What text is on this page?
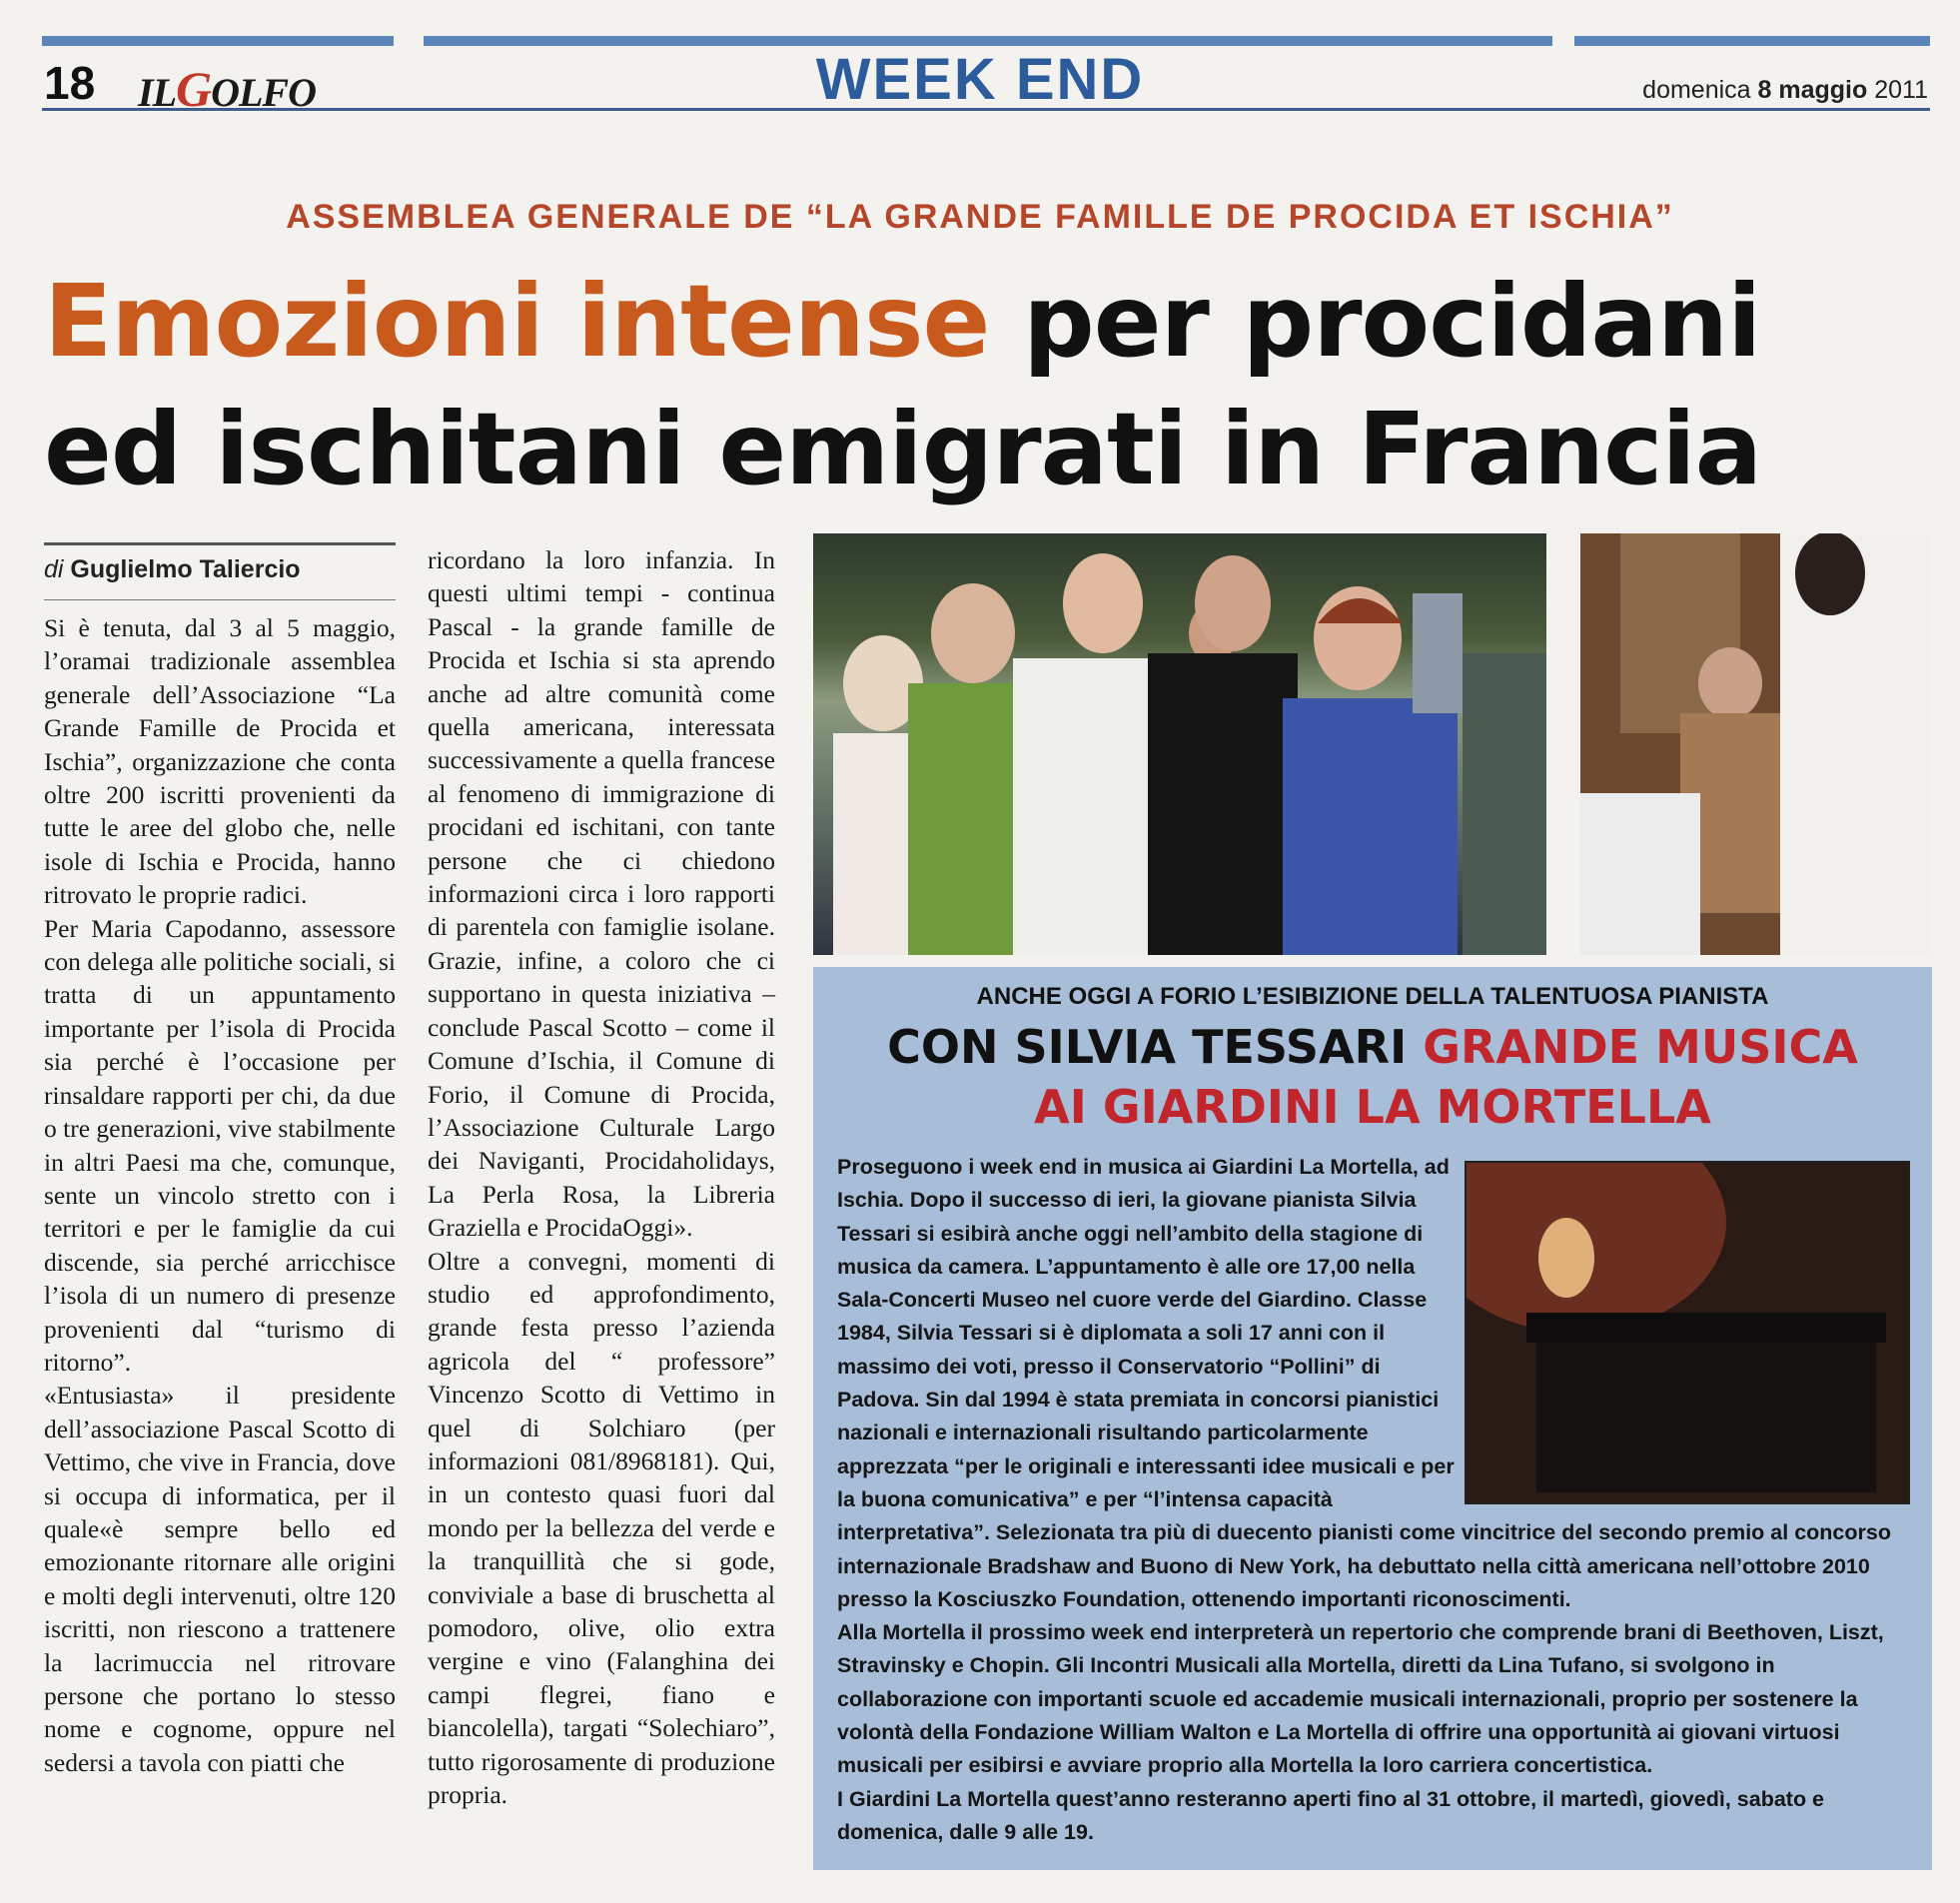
18 ILGOLFO	WEEK END	domenica 8 maggio 2011
ASSEMBLEA GENERALE DE “LA GRANDE FAMILLE DE PROCIDA ET ISCHIA”
Emozioni intense per procidani
ed ischitani emigrati in Francia
di Guglielmo Taliercio

Si è tenuta, dal 3 al 5 maggio, l’oramai tradizionale assemblea generale dell’Associazione “La Grande Famille de Procida et Ischia”, organizzazione che conta oltre 200 iscritti provenienti da tutte le aree del globo che, nelle isole di Ischia e Procida, hanno ritrovato le proprie radici.

Per Maria Capodanno, assessore con delega alle politiche sociali, si tratta di un appuntamento importante per l’isola di Procida sia perché è l’occasione per rinsaldare rapporti per chi, da due o tre generazioni, vive stabilmente in altri Paesi ma che, comunque, sente un vincolo stretto con i territori e per le famiglie da cui discende, sia perché arricchisce l’isola di un numero di presenze provenienti dal “turismo di ritorno”.

«Entusiasta» il presidente dell’associazione Pascal Scotto di Vettimo, che vive in Francia, dove si occupa di informatica, per il quale«è sempre bello ed emozionante ritornare alle origini e molti degli intervenuti, oltre 120 iscritti, non riescono a trattenere la lacrimuccia nel ritrovare persone che portano lo stesso nome e cognome, oppure nel sedersi a tavola con piatti che

ricordano la loro infanzia. In questi ultimi tempi - continua Pascal - la grande famille de Procida et Ischia si sta aprendo anche ad altre comunità come quella americana, interessata successivamente a quella francese al fenomeno di immigrazione di procidani ed ischitani, con tante persone che ci chiedono informazioni circa i loro rapporti di parentela con famiglie isolane. Grazie, infine, a coloro che ci supportano in questa iniziativa – conclude Pascal Scotto – come il Comune d’Ischia, il Comune di Forio, il Comune di Procida, l’Associazione Culturale Largo dei Naviganti, Procidaholidays, La Perla Rosa, la Libreria Graziella e ProcidaOggi».

Oltre a convegni, momenti di studio ed approfondimento, grande festa presso l’azienda agricola del “ professore” Vincenzo Scotto di Vettimo in quel di Solchiaro (per informazioni 081/8968181). Qui, in un contesto quasi fuori dal mondo per la bellezza del verde e la tranquillità che si gode, conviviale a base di bruschetta al pomodoro, olive, olio extra vergine e vino (Falanghina dei campi flegrei, fiano e biancolella), targati “Solechiaro”, tutto rigorosamente di produzione propria.

ANCHE OGGI A FORIO L’ESIBIZIONE DELLA TALENTUOSA PIANISTA
CON SILVIA TESSARI GRANDE MUSICA
AI GIARDINI LA MORTELLA

Proseguono i week end in musica ai Giardini La Mortella, ad Ischia. Dopo il successo di ieri, la giovane pianista Silvia Tessari si esibirà anche oggi nell’ambito della stagione di musica da camera. L’appuntamento è alle ore 17,00 nella Sala-Concerti Museo nel cuore verde del Giardino. Classe 1984, Silvia Tessari si è diplomata a soli 17 anni con il massimo dei voti, presso il Conservatorio “Pollini” di Padova. Sin dal 1994 è stata premiata in concorsi pianistici nazionali e internazionali risultando particolarmente apprezzata “per le originali e interessanti idee musicali e per la buona comunicativa” e per “l’intensa capacità interpretativa”. Selezionata tra più di duecento pianisti come vincitrice del secondo premio al concorso internazionale Bradshaw and Buono di New York, ha debuttato nella città americana nell’ottobre 2010 presso la Kosciuszko Foundation, ottenendo importanti riconoscimenti.

Alla Mortella il prossimo week end interpreterà un repertorio che comprende brani di Beethoven, Liszt, Stravinsky e Chopin. Gli Incontri Musicali alla Mortella, diretti da Lina Tufano, si svolgono in collaborazione con importanti scuole ed accademie musicali internazionali, proprio per sostenere la volontà della Fondazione William Walton e La Mortella di offrire una opportunità ai giovani virtuosi musicali per esibirsi e avviare proprio alla Mortella la loro carriera concertistica.

I Giardini La Mortella quest’anno resteranno aperti fino al 31 ottobre, il martedì, giovedì, sabato e domenica, dalle 9 alle 19.
